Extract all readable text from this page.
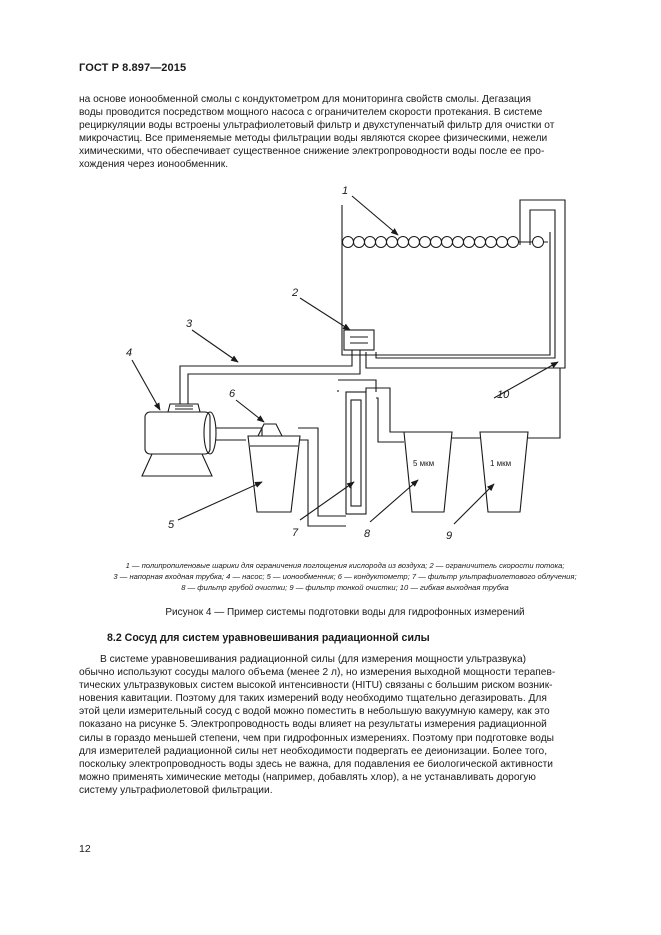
ГОСТ Р 8.897—2015
на основе ионообменной смолы с кондуктометром для мониторинга свойств смолы. Дегазация
воды проводится посредством мощного насоса с ограничителем скорости протекания. В системе
рециркуляции воды встроены ультрафиолетовый фильтр и двухступенчатый фильтр для очистки от
микрочастиц. Все применяемые методы фильтрации воды являются скорее физическими, нежели
химическими, что обеспечивает существенное снижение электропроводности воды после ее про-
хождения через ионообменник.
1
2
3
4
5
6
7	8	9
10
5 мкм	1 мкм
1 — полипропиленовые шарики для ограничения поглощения кислорода из воздуха; 2 — ограничитель скорости потока;
3 — напорная входная трубка; 4 — насос; 5 — ионообменник; 6 — кондуктометр; 7 — фильтр ультрафиолетового облучения;
8 — фильтр грубой очистки; 9 — фильтр тонкой очистки; 10 — гибкая выходная трубка
Рисунок 4 — Пример системы подготовки воды для гидрофонных измерений
8.2 Сосуд для систем уравновешивания радиационной силы
В системе уравновешивания радиационной силы (для измерения мощности ультразвука)
обычно используют сосуды малого объема (менее 2 л), но измерения выходной мощности терапев-
тических ультразвуковых систем высокой интенсивности (HITU) связаны с большим риском возник-
новения кавитации. Поэтому для таких измерений воду необходимо тщательно дегазировать. Для
этой цели измерительный сосуд с водой можно поместить в небольшую вакуумную камеру, как это
показано на рисунке 5. Электропроводность воды влияет на результаты измерения радиационной
силы в гораздо меньшей степени, чем при гидрофонных измерениях. Поэтому при подготовке воды
для измерителей радиационной силы нет необходимости подвергать ее деионизации. Более того,
поскольку электропроводность воды здесь не важна, для подавления ее биологической активности
можно применять химические методы (например, добавлять хлор), а не устанавливать дорогую
систему ультрафиолетовой фильтрации.
12
